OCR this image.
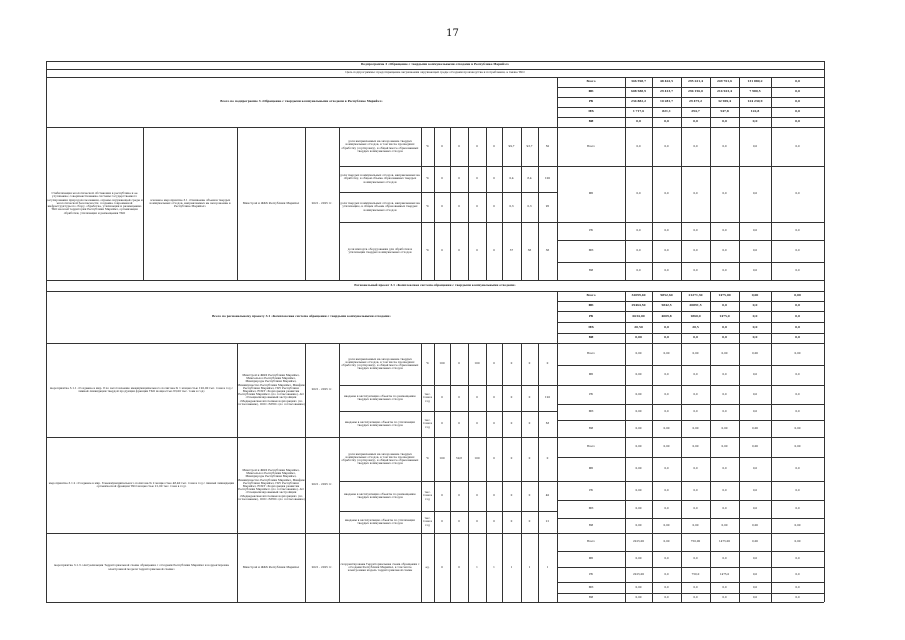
17
Подпрограмма 3 «Обращение с твердыми коммунальными отходами в Республике Марийэл»
Цель подпрограммы: предотвращение загрязнения окружающей среды отходами производства и потребления, а также ТКО
Всего по подпрограмме 3 «Обращение с твердыми коммунальными отходами в Республике Марийэл»
Всего	346 598,7	48 422,5	295 221,4	249 761,6	131 880,2	0,0
ФБ	608 588,9	29 413,7	294 156,0	214 923,4	7 980,5	0,0
РБ	234 882,2	10 281,7	29 475,2	32 969,4	124 230,9	0,0
МБ	1 717,6	821,1	294,7	547,8	122,8	0,0
ВИ	0,0	0,0	0,0	0,0	0,0	0,0
Стабилизация экологической обстановки в республике и ее улучшение; совершенствование системы государственного регулирования природопользования, охраны окружающей среды и экологической безопасности; создание современной инфраструктуры по сбору, обработке, утилизации и размещению ТКО на всей территории Республики Марийэл, организация обработки, утилизации и размещения ТКО
основное мероприятие 3.1 «Снижение объемов твердых коммунальных отходов, направляемых на захоронение в Республике Марийэл»
Минстрой и ЖКХ Республики Марийэл	2021 - 2025 гг.
доля направленных на захоронение твердых коммунальных отходов, в том числе прошедших обработку (сортировку), в общей массе образованных твердых коммунальных отходов
%	0	0	0	0	99,7	93,7	50
доля твердых коммунальных отходов, направленных на обработку, в общем объеме образованных твердых коммунальных отходов
%	0	0	0	0	0,4	8,4	100
доля твердых коммунальных отходов, направленных на утилизацию, в общем объеме образованных твердых коммунальных отходов
%	0	0	0	0	0,3	0,3	95
доля импорта оборудования для обработки и утилизации твердых коммунальных отходов	%	0	0	0	0	37	36	36
Всего	0,0	0,0	0,0	0,0	0,0	0,0
ФБ	0,0	0,0	0,0	0,0	0,0	0,0
РБ	0,0	0,0	0,0	0,0	0,0	0,0
МБ	0,0	0,0	0,0	0,0	0,0	0,0
ВИ	0,0	0,0	0,0	0,0	0,0	0,0
Региональный проект 3.1 «Комплексная система обращения с твердыми коммунальными отходами»
Всего по региональному проекту 3.1 «Комплексная система обращения с твердыми коммунальными отходами»
Всего	32099,40	9852,60	21271,30	1475,00	0,00	0,00
ФБ	29464,50	5842,5	20891,5	0,0	0,0	0,0
РБ	6634,00	4009,8	1860,0	1475,0	0,0	0,0
МБ	20,50	0,0	20,5	0,0	0,0	0,0
ВИ	0,00	0,0	0,0	0,0	0,0	0,0
мероприятие 3.1.1 «Создание в мкр. 8 по заготовлению межмуниципального полигона № 1 мощностью 120,00 тыс. тонн в год с линией ликвидации твердой продукции фракции ТКО мощностью 63,00 тыс. тонн в год»
Минстрой и ЖКХ Республики Марийэл, Минсельхоз Республики Марийэл, Минприроды Республики Марийэл, Минимущество Республики Марийэл, Минфин Республики Марийэл, ГКУ Республики Марийэл, ЕСКУ «Корпорация развития Республики Марийэл» (по согласованию), АО «Специализированный застройщик «Медведевская ипотечная корпорация» (по согласованию), ООО «МЭО» (по согласованию)
2021 - 2025 гг.
доля направленных на захоронение твердых коммунальных отходов, в том числе прошедших обработку (сортировку), в общей массе образованных твердых коммунальных отходов
%	100	0	100	0	0	0	0
введены в эксплуатацию объекты по размещению твердых коммунальных отходов
тыс. тонн в год
0	0	0	0	0	0	120
введены в эксплуатацию объекты по утилизации твердых коммунальных отходов
тыс. тонн в год
0	0	0	0	0	0	63
Всего	0,00	0,00	0,00	0,00	0,00	0,00
ФБ	0,00	0,0	0,0	0,0	0,0	0,0
РБ	0,00	0,0	0,0	0,0	0,0	0,0
МБ	0,00	0,0	0,0	0,0	0,0	0,0
ВИ	0,00	0,00	0,00	0,00	0,00	0,00
мероприятие 3.1.2 «Создание в мкр. 8 межмуниципального полигона № 2 мощностью 48,40 тыс. тонн в год с линией ликвидации органической фракции ТКО мощностью 21,00 тыс. тонн в год»
Минстрой и ЖКХ Республики Марийэл, Минсельхоз Республики Марийэл, Минприроды Республики Марийэл, Минимущество Республики Марийэл, Минфин Республики Марийэл, ГКУ Республики Марийэл, ЕСКУ «Корпорация развития Республики Марийэл» (по согласованию), АО «Специализированный застройщик «Медведевская ипотечная корпорация» (по согласованию), ООО «МЭО» (по согласованию)
2021 - 2025 гг.
доля направленных на захоронение твердых коммунальных отходов, в том числе прошедших обработку (сортировку), в общей массе образованных твердых коммунальных отходов
%	100	59,8	100	0	0	0	0
введены в эксплуатацию объекты по размещению твердых коммунальных отходов
тыс. тонн в год
0	0	0	0	0	0	40
введены в эксплуатацию объекты по утилизации твердых коммунальных отходов
тыс. тонн в год
0	0	0	0	0	0	21
Всего	0,00	0,00	0,00	0,00	0,00	0,00
ФБ	0,00	0,0	0,0	0,0	0,0	0,0
РБ	0,00	0,0	0,0	0,0	0,0	0,0
МБ	0,00	0,0	0,0	0,0	0,0	0,0
ВИ	0,00	0,00	0,00	0,00	0,00	0,00
мероприятие 3.1.3 «Актуализация Территориальной схемы обращения с отходами Республики Марийэл и корректировка электронной модели территориальной схемы»	Минстрой и ЖКХ Республики Марийэл	2021 - 2025 гг.
скорректирована Территориальная схема обращения с отходами Республики Марийэл, в том числе электронная модель территориальной схемы
ед.	0	0	1	1	1	1	1
Всего	2225,00	0,00	750,00	1475,00	0,00	0,00
ФБ	0,00	0,0	0,0	0,0	0,0	0,0
РБ	2225,00	0,0	750,0	1475,0	0,0	0,0
МБ	0,00	0,0	0,0	0,0	0,0	0,0
ВИ	0,00	0,0	0,0	0,0	0,0	0,0
